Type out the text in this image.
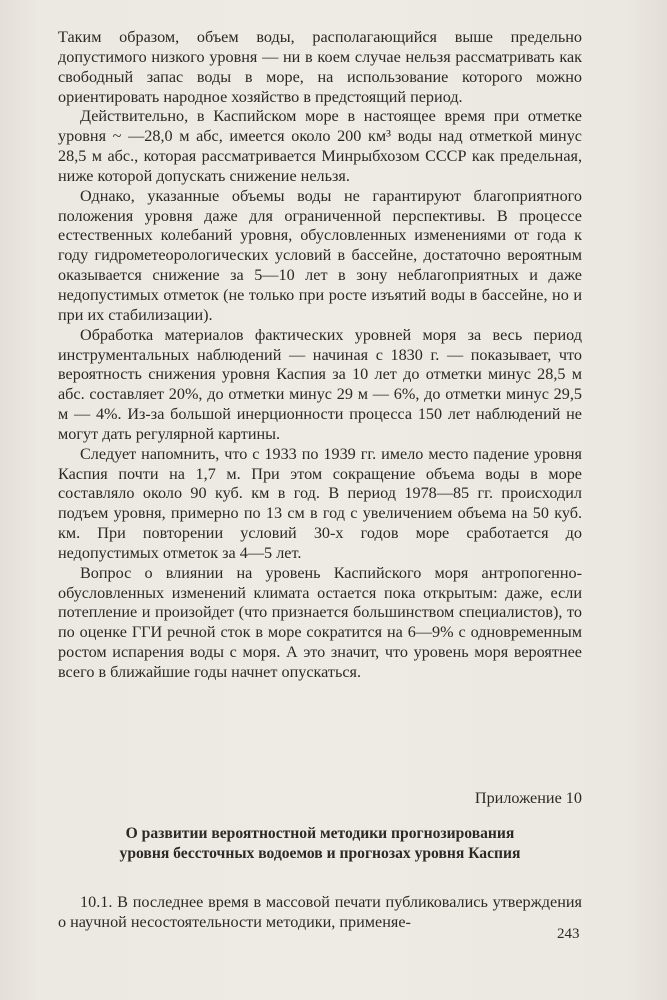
Таким образом, объем воды, располагающийся выше предельно допустимого низкого уровня — ни в коем случае нельзя рассматривать как свободный запас воды в море, на использование которого можно ориентировать народное хозяйство в предстоящий период.

Действительно, в Каспийском море в настоящее время при отметке уровня ~ —28,0 м абс, имеется около 200 км³ воды над отметкой минус 28,5 м абс., которая рассматривается Минрыбхозом СССР как предельная, ниже которой допускать снижение нельзя.

Однако, указанные объемы воды не гарантируют благоприятного положения уровня даже для ограниченной перспективы. В процессе естественных колебаний уровня, обусловленных изменениями от года к году гидрометеорологических условий в бассейне, достаточно вероятным оказывается снижение за 5—10 лет в зону неблагоприятных и даже недопустимых отметок (не только при росте изъятий воды в бассейне, но и при их стабилизации).

Обработка материалов фактических уровней моря за весь период инструментальных наблюдений — начиная с 1830 г. — показывает, что вероятность снижения уровня Каспия за 10 лет до отметки минус 28,5 м абс. составляет 20%, до отметки минус 29 м — 6%, до отметки минус 29,5 м — 4%. Из-за большой инерционности процесса 150 лет наблюдений не могут дать регулярной картины.

Следует напомнить, что с 1933 по 1939 гг. имело место падение уровня Каспия почти на 1,7 м. При этом сокращение объема воды в море составляло около 90 куб. км в год. В период 1978—85 гг. происходил подъем уровня, примерно по 13 см в год с увеличением объема на 50 куб. км. При повторении условий 30-х годов море сработается до недопустимых отметок за 4—5 лет.

Вопрос о влиянии на уровень Каспийского моря антропогенно-обусловленных изменений климата остается пока открытым: даже, если потепление и произойдет (что признается большинством специалистов), то по оценке ГГИ речной сток в море сократится на 6—9% с одновременным ростом испарения воды с моря. А это значит, что уровень моря вероятнее всего в ближайшие годы начнет опускаться.

Приложение 10
О развитии вероятностной методики прогнозирования
уровня бессточных водоемов и прогнозах уровня Каспия

10.1. В последнее время в массовой печати публиковались утверждения о научной несостоятельности методики, применяе-

243
